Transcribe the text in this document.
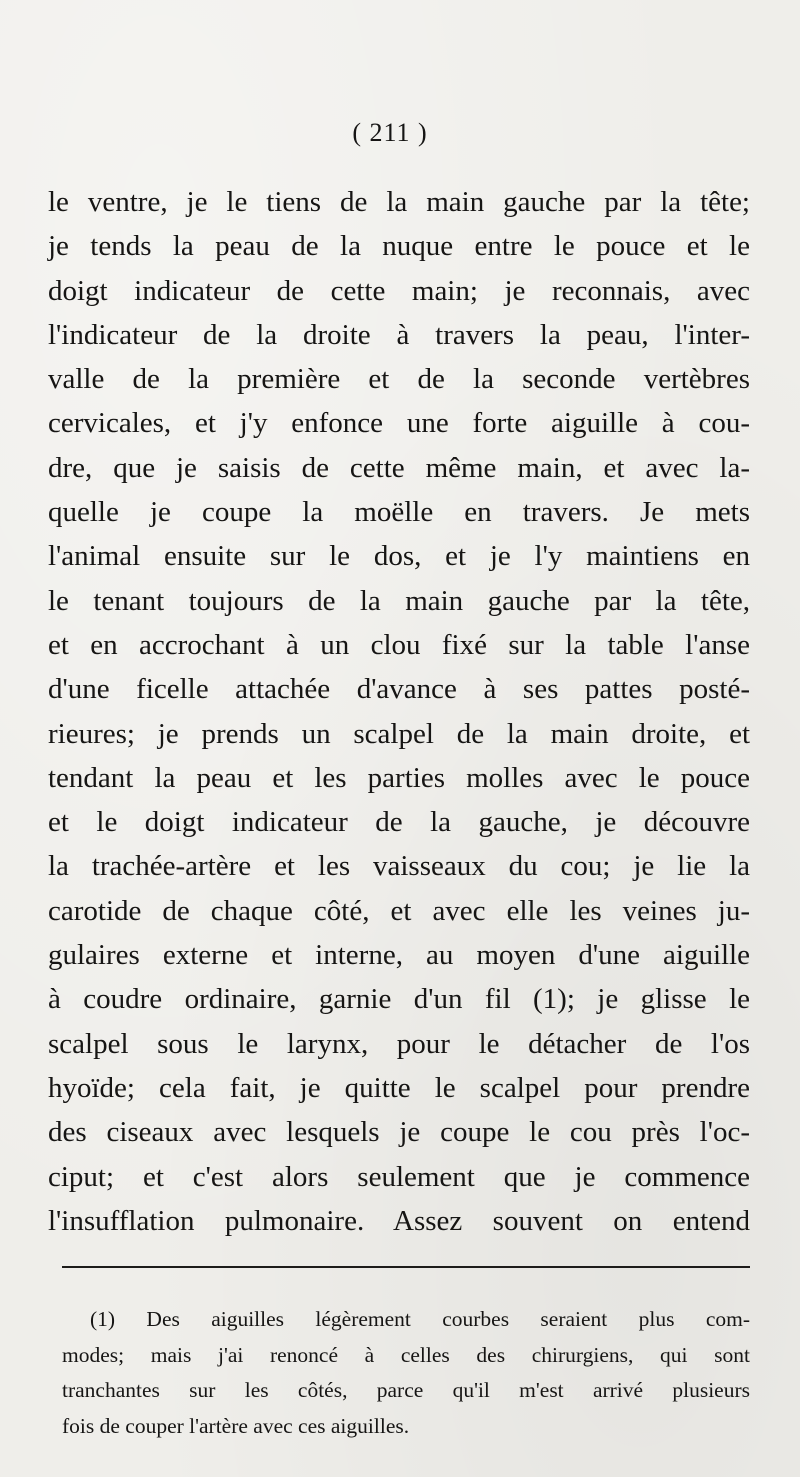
( 211 )
le ventre, je le tiens de la main gauche par la tête;
je tends la peau de la nuque entre le pouce et le
doigt indicateur de cette main; je reconnais, avec
l'indicateur de la droite à travers la peau, l'inter-
valle de la première et de la seconde vertèbres
cervicales, et j'y enfonce une forte aiguille à cou-
dre, que je saisis de cette même main, et avec la-
quelle je coupe la moëlle en travers. Je mets
l'animal ensuite sur le dos, et je l'y maintiens en
le tenant toujours de la main gauche par la tête,
et en accrochant à un clou fixé sur la table l'anse
d'une ficelle attachée d'avance à ses pattes posté-
rieures; je prends un scalpel de la main droite, et
tendant la peau et les parties molles avec le pouce
et le doigt indicateur de la gauche, je découvre
la trachée-artère et les vaisseaux du cou; je lie la
carotide de chaque côté, et avec elle les veines ju-
gulaires externe et interne, au moyen d'une aiguille
à coudre ordinaire, garnie d'un fil (1); je glisse le
scalpel sous le larynx, pour le détacher de l'os
hyoïde; cela fait, je quitte le scalpel pour prendre
des ciseaux avec lesquels je coupe le cou près l'oc-
ciput; et c'est alors seulement que je commence
l'insufflation pulmonaire. Assez souvent on entend
(1) Des aiguilles légèrement courbes seraient plus com-
modes; mais j'ai renoncé à celles des chirurgiens, qui sont
tranchantes sur les côtés, parce qu'il m'est arrivé plusieurs
fois de couper l'artère avec ces aiguilles.
